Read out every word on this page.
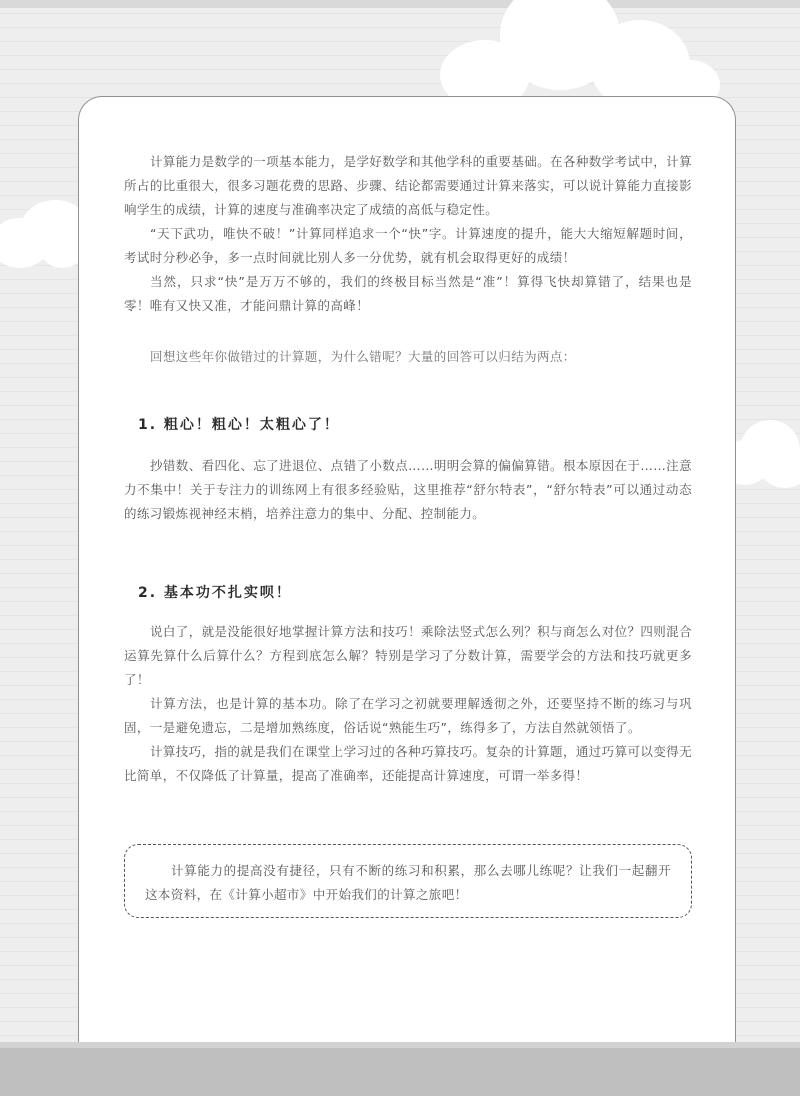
计算能力是数学的一项基本能力，是学好数学和其他学科的重要基础。在各种数学考试中，计算所占的比重很大，很多习题花费的思路、步骤、结论都需要通过计算来落实，可以说计算能力直接影响学生的成绩，计算的速度与准确率决定了成绩的高低与稳定性。

“天下武功，唯快不破！”计算同样追求一个“快”字。计算速度的提升，能大大缩短解题时间，考试时分秒必争，多一点时间就比别人多一分优势，就有机会取得更好的成绩！

当然，只求“快”是万万不够的，我们的终极目标当然是“准”！算得飞快却算错了，结果也是零！唯有又快又准，才能问鼎计算的高峰！

回想这些年你做错过的计算题，为什么错呢？大量的回答可以归结为两点：

1. 粗心！粗心！太粗心了！

抄错数、看四化、忘了进退位、点错了小数点……明明会算的偏偏算错。根本原因在于……注意力不集中！关于专注力的训练网上有很多经验贴，这里推荐“舒尔特表”，“舒尔特表”可以通过动态的练习锻炼视神经末梢，培养注意力的集中、分配、控制能力。

2. 基本功不扎实呗！

说白了，就是没能很好地掌握计算方法和技巧！乘除法竖式怎么列？积与商怎么对位？四则混合运算先算什么后算什么？方程到底怎么解？特别是学习了分数计算，需要学会的方法和技巧就更多了！

计算方法，也是计算的基本功。除了在学习之初就要理解透彻之外，还要坚持不断的练习与巩固，一是避免遗忘，二是增加熟练度，俗话说“熟能生巧”，练得多了，方法自然就领悟了。

计算技巧，指的就是我们在课堂上学习过的各种巧算技巧。复杂的计算题，通过巧算可以变得无比简单，不仅降低了计算量，提高了准确率，还能提高计算速度，可谓一举多得！

计算能力的提高没有捷径，只有不断的练习和积累，那么去哪儿练呢？让我们一起翻开这本资料，在《计算小超市》中开始我们的计算之旅吧！
